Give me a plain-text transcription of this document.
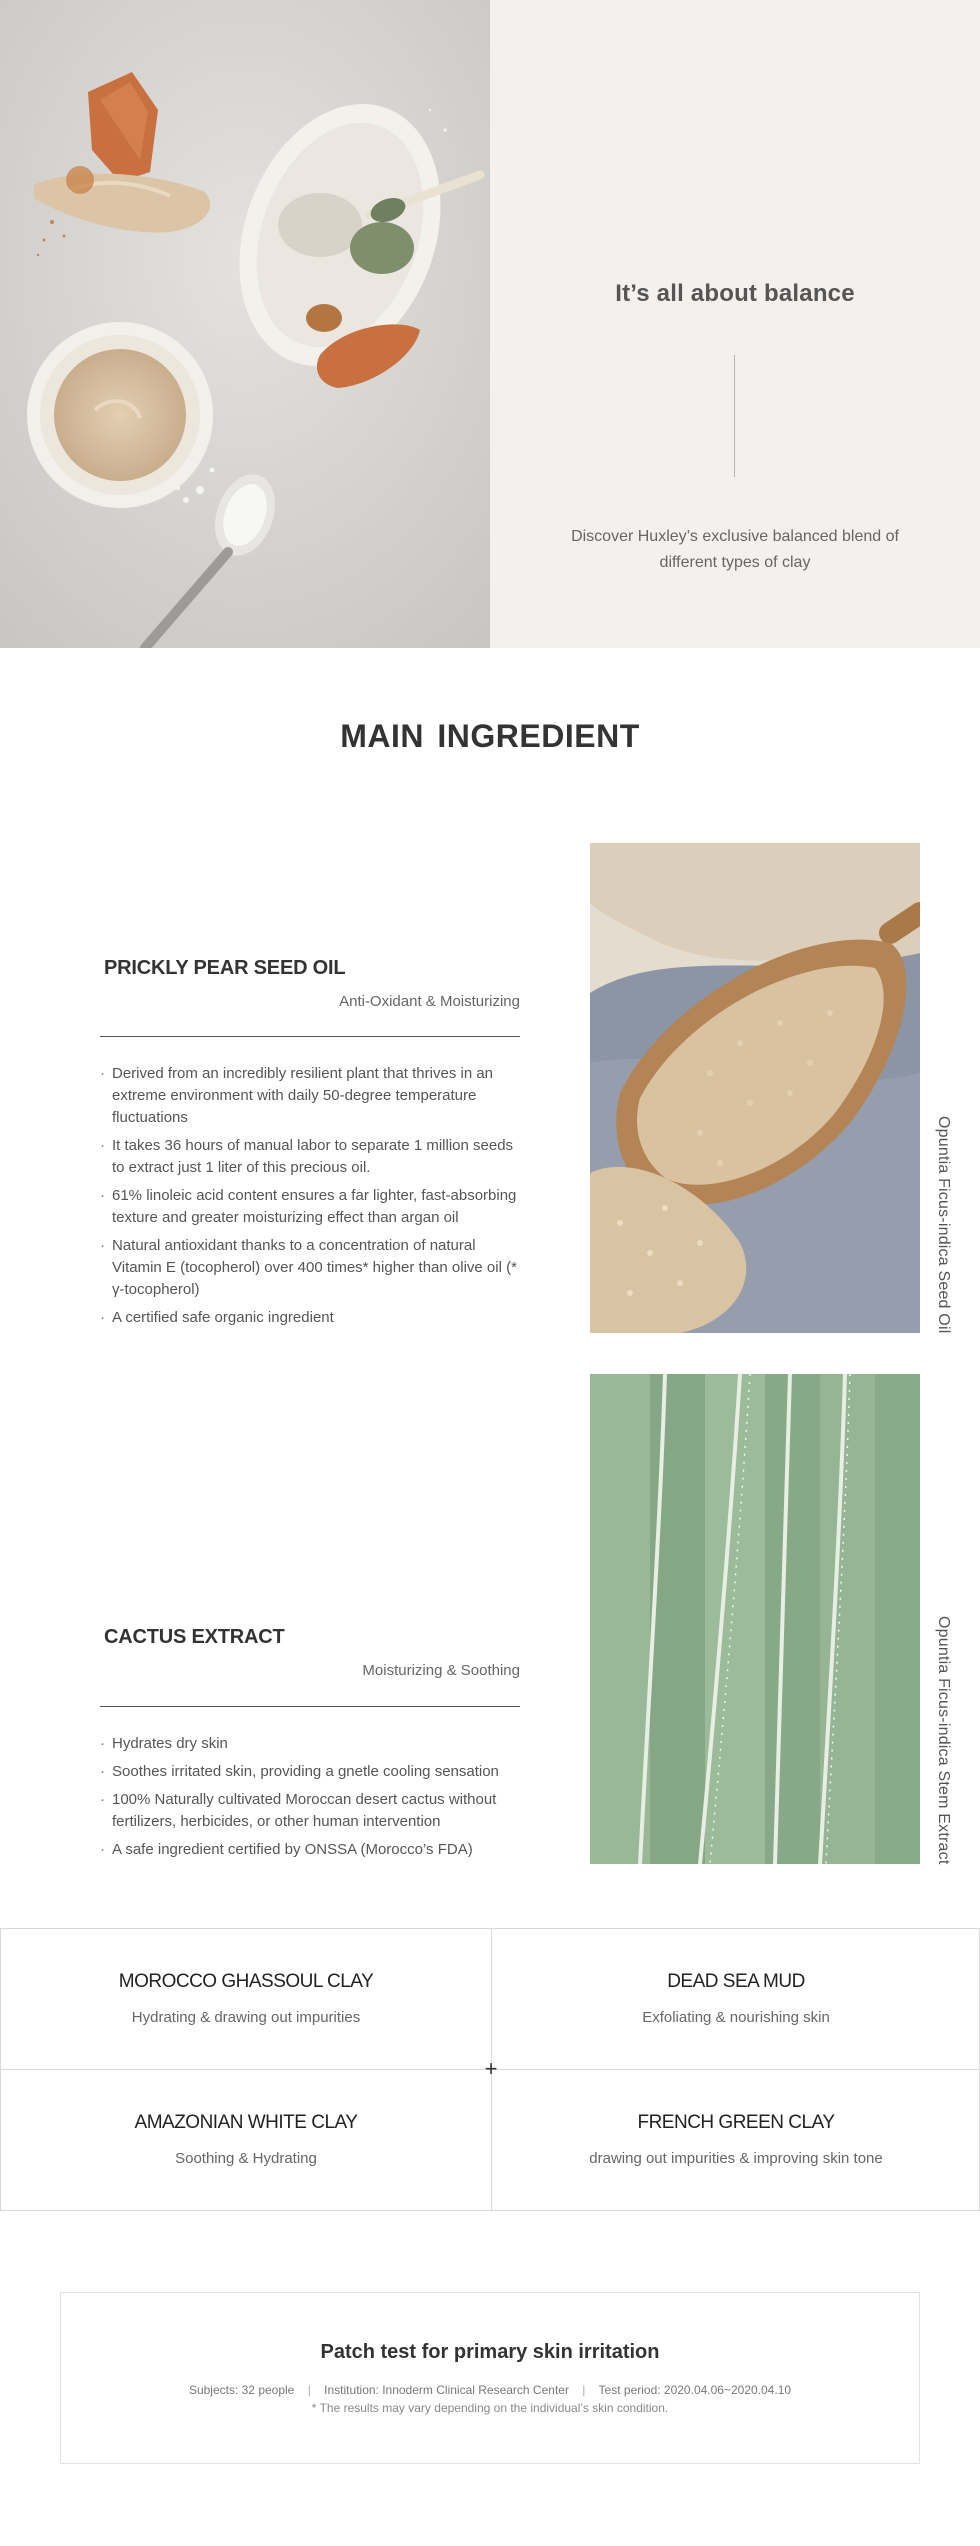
It’s all about balance

Discover Huxley’s exclusive balanced blend of different types of clay

MAIN INGREDIENT
PRICKLY PEAR SEED OIL
Anti-Oxidant & Moisturizing
· Derived from an incredibly resilient plant that thrives in an extreme environment with daily 50-degree temperature fluctuations
· It takes 36 hours of manual labor to separate 1 million seeds to extract just 1 liter of this precious oil.
· 61% linoleic acid content ensures a far lighter, fast-absorbing texture and greater moisturizing effect than argan oil
· Natural antioxidant thanks to a concentration of natural Vitamin E (tocopherol) over 400 times* higher than olive oil (* γ-tocopherol)
· A certified safe organic ingredient	Opuntia Ficus-indica Seed Oil
CACTUS EXTRACT
Moisturizing & Soothing
· Hydrates dry skin
· Soothes irritated skin, providing a gnetle cooling sensation
· 100% Naturally cultivated Moroccan desert cactus without fertilizers, herbicides, or other human intervention
· A safe ingredient certified by ONSSA (Morocco’s FDA)	Opuntia Ficus-indica Stem Extract
MOROCCO GHASSOUL CLAY
Hydrating & drawing out impurities
DEAD SEA MUD
Exfoliating & nourishing skin
AMAZONIAN WHITE CLAY
Soothing & Hydrating
FRENCH GREEN CLAY
drawing out impurities & improving skin tone
+
Patch test for primary skin irritation
Subjects: 32 people | Institution: Innoderm Clinical Research Center | Test period: 2020.04.06~2020.04.10

* The results may vary depending on the individual’s skin condition.
